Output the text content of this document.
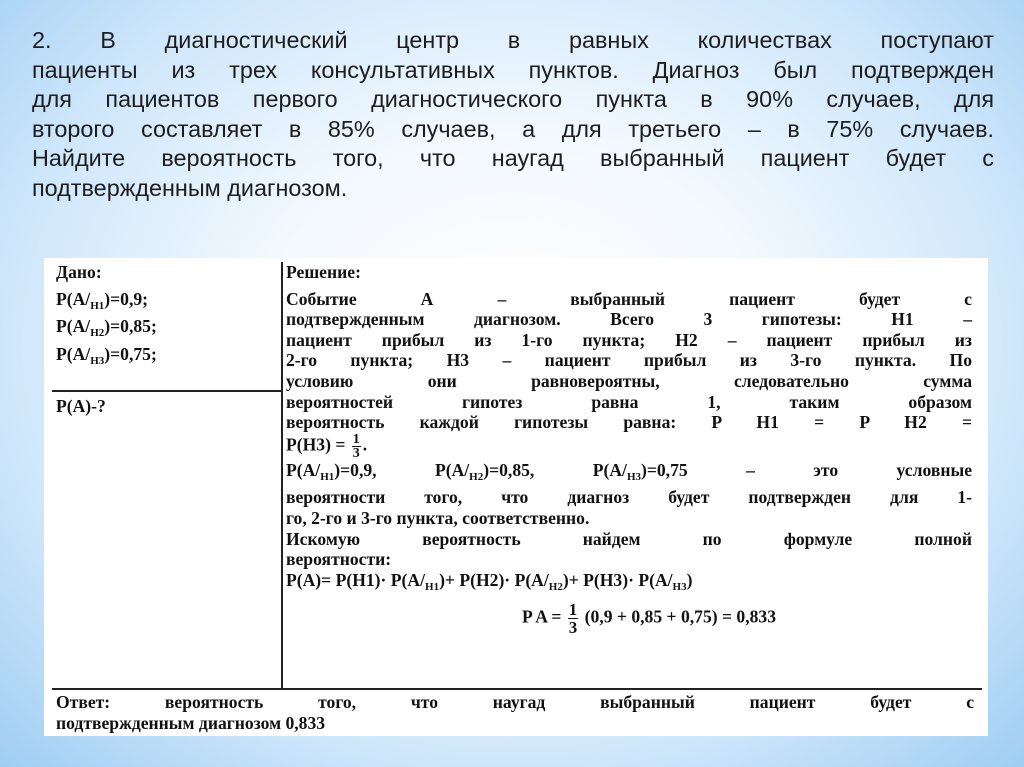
2. В диагностический центр в равных количествах поступают
пациенты из трех консультативных пунктов. Диагноз был подтвержден
для пациентов первого диагностического пункта в 90% случаев, для
второго составляет в 85% случаев, а для третьего – в 75% случаев.
Найдите вероятность того, что наугад выбранный пациент будет с
подтвержденным диагнозом.
Дано:
$P(A/_{H1})=0,9$;
$P(A/_{H2})=0,85$;
$P(A/_{H3})=0,75$;
P(A)-?
Решение:
Событие А – выбранный пациент будет с
подтвержденным диагнозом. Всего 3 гипотезы: Н1 –
пациент прибыл из 1-го пункта; Н2 – пациент прибыл из
2-го пункта; Н3 – пациент прибыл из 3-го пункта. По
условию они равновероятны, следовательно сумма
вероятностей гипотез равна 1, таким образом
вероятность каждой гипотезы равна: P H1 = P H2 =
$P(H3) = \frac{1}{3}$ .
$P(A/_{H1})=0,9$, $P(A/_{H2})=0,85$, $P(A/_{H3})=0,75$ – это условные
вероятности того, что диагноз будет подтвержден для 1-
го, 2-го и 3-го пункта, соответственно.
Искомую вероятность найдем по формуле полной
вероятности:
$P(A)= P(H1)\cdot P(A/_{H1})+ P(H2)\cdot P(A/_{H2})+ P(H3)\cdot P(A/_{H3})$
P $A = \frac{1}{3} (0,9 + 0,85 + 0,75) = 0,833$
Ответ: вероятность того, что наугад выбранный пациент будет с
подтвержденным диагнозом 0,833
